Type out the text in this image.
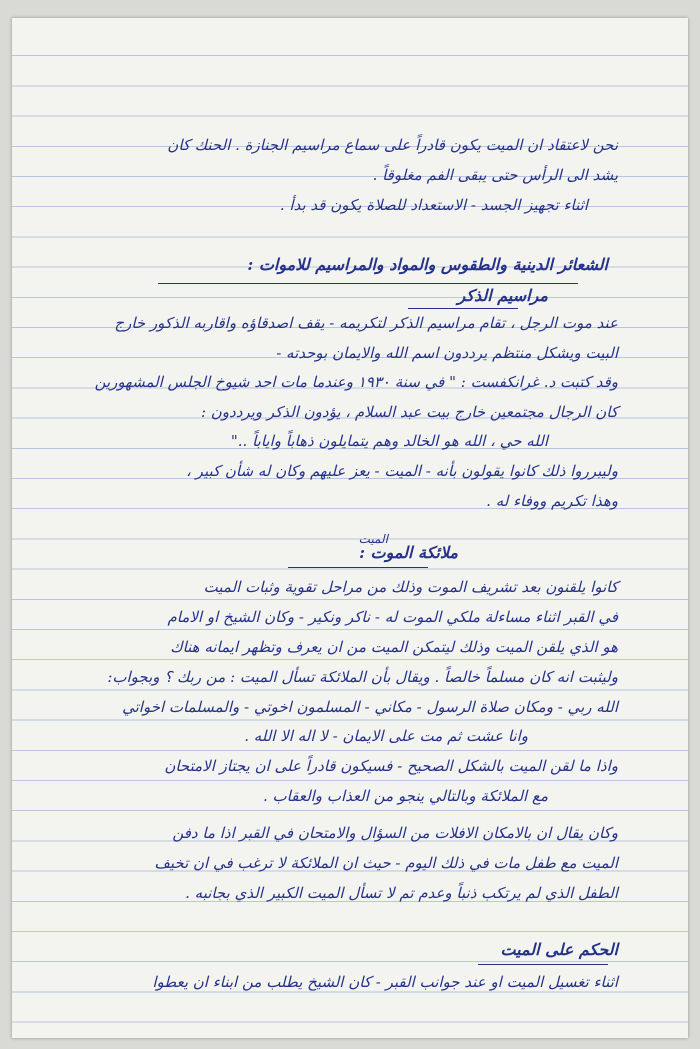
نحن لاعتقاد ان الميت يكون قادراً على سماع مراسيم الجنازة . الحنك كان
يشد الى الرأس حتى يبقى الفم مغلوقاً .
اثناء تجهيز الجسد - الاستعداد للصلاة يكون قد بدأ .
الشعائر الدينية والطقوس والمواد والمراسيم للاموات :
مراسيم الذكر
عند موت الرجل ، تقام مراسيم الذكر لتكريمه - يقف اصدقاؤه واقاربه الذكور خارج
البيت ويشكل منتظم يرددون اسم الله والايمان بوحدته -
وقد كتبت د. غرانكفست : " في سنة ١٩٣٠ وعندما مات احد شيوخ الجلس المشهورين
كان الرجال مجتمعين خارج بيت عبد السلام ، يؤدون الذكر ويرددون :
الله حي ، الله هو الخالد وهم يتمايلون ذهاباً واياباً .."
وليبرروا ذلك كانوا يقولون بأنه - الميت - يعز عليهم وكان له شأن كبير ،
وهذا تكريم ووفاء له .
ملائكة الموت :
الميت
كانوا يلقنون بعد تشريف الموت وذلك من مراحل تقوية وثبات الميت
في القبر اثناء مساءلة ملكي الموت له - ناكر ونكير - وكان الشيخ او الامام
هو الذي يلقن الميت وذلك ليتمكن الميت من ان يعرف وتظهر ايمانه هناك
وليثبت انه كان مسلماً خالصاً . ويقال بأن الملائكة تسأل الميت : من ربك ؟ وبجواب:
الله ربي - ومكان صلاة الرسول - مكاني - المسلمون اخوتي - والمسلمات اخواتي
وانا عشت ثم مت على الايمان - لا اله الا الله .
واذا ما لقن الميت بالشكل الصحيح - فسيكون قادراً على ان يجتاز الامتحان
مع الملائكة وبالتالي ينجو من العذاب والعقاب .
وكان يقال ان بالامكان الافلات من السؤال والامتحان في القبر اذا ما دفن
الميت مع طفل مات في ذلك اليوم - حيث ان الملائكة لا ترغب في ان تخيف
الطفل الذي لم يرتكب ذنباً وعدم تم لا تسأل الميت الكبير الذي بجانبه .
الحكم على الميت
اثناء تغسيل الميت او عند جوانب القبر - كان الشيخ يطلب من ابناء ان يعطوا
